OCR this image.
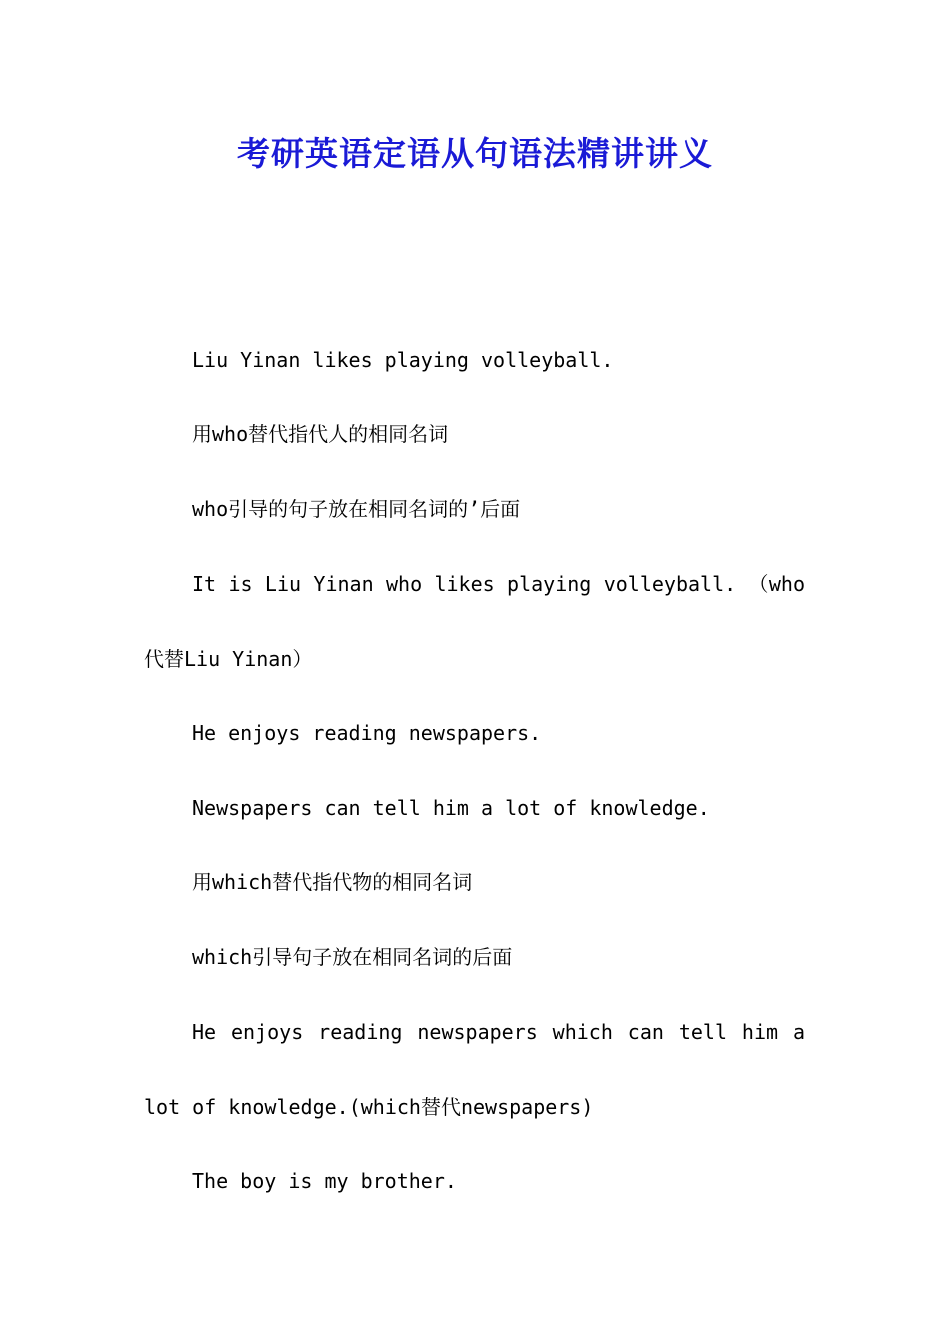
考研英语定语从句语法精讲讲义

Liu Yinan likes playing volleyball.

用who替代指代人的相同名词

who引导的句子放在相同名词的’后面

It is Liu Yinan who likes playing volleyball. （who

代替Liu Yinan）

He enjoys reading newspapers.

Newspapers can tell him a lot of knowledge.

用which替代指代物的相同名词

which引导句子放在相同名词的后面

He enjoys reading newspapers which can tell him a

lot of knowledge.(which替代newspapers)

The boy is my brother.
